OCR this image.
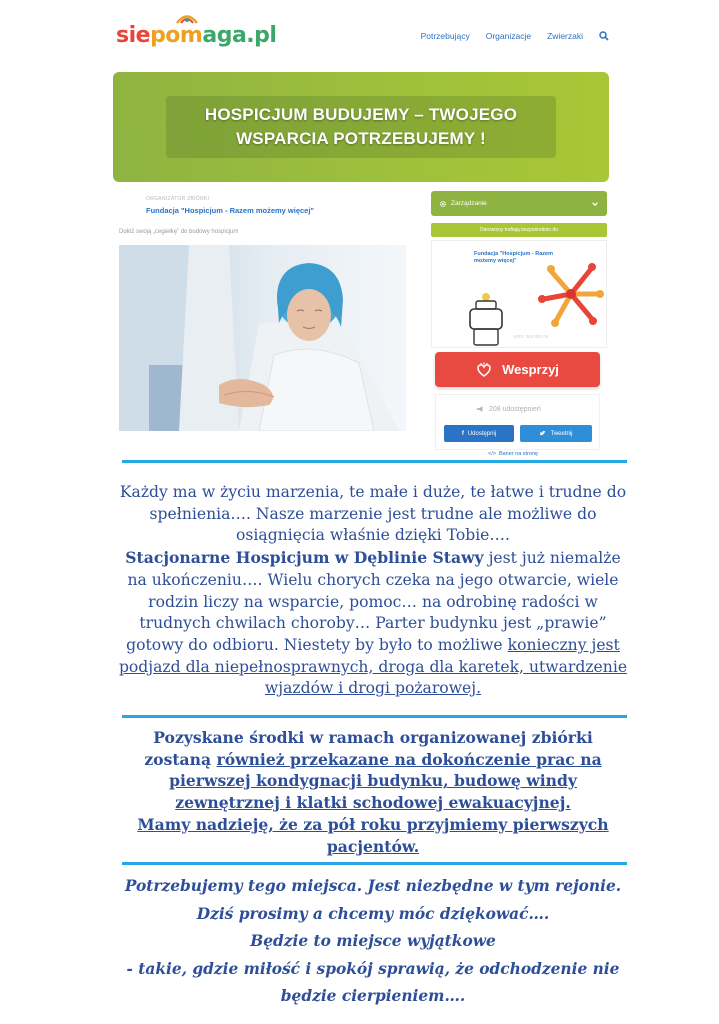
sie pom aga.pl	Potrzebujący Organizacje Zwierzaki
HOSPICJUM BUDUJEMY – TWOJEGO
WSPARCIA POTRZEBUJEMY !
ORGANIZATOR ZBIÓRKI
Fundacja "Hospicjum - Razem możemy więcej"
Dołóż swoją „cegiełkę” do budowy hospicjum
Zarządzanie
Darowizny trafiają bezpośrednio do
Fundacja "Hospicjum - Razem możemy więcej"
KRS: 000 000 00
Wesprzyj
208 udostępnień
f Udostępnij	Tweetnij
</> Baner na stronę

Każdy ma w życiu marzenia, te małe i duże, te łatwe i trudne do spełnienia…. Nasze marzenie jest trudne ale możliwe do osiągnięcia właśnie dzięki Tobie….
Stacjonarne Hospicjum w Dęblinie Stawy jest już niemalże na ukończeniu…. Wielu chorych czeka na jego otwarcie, wiele rodzin liczy na wsparcie, pomoc… na odrobinę radości w trudnych chwilach choroby… Parter budynku jest „prawie” gotowy do odbioru. Niestety by było to możliwe konieczny jest podjazd dla niepełnosprawnych, droga dla karetek, utwardzenie wjazdów i drogi pożarowej.

Pozyskane środki w ramach organizowanej zbiórki zostaną również przekazane na dokończenie prac na pierwszej kondygnacji budynku, budowę windy zewnętrznej i klatki schodowej ewakuacyjnej.
Mamy nadzieję, że za pół roku przyjmiemy pierwszych pacjentów.

Potrzebujemy tego miejsca. Jest niezbędne w tym rejonie.

Dziś prosimy a chcemy móc dziękować….

Będzie to miejsce wyjątkowe

- takie, gdzie miłość i spokój sprawią, że odchodzenie nie będzie cierpieniem….
